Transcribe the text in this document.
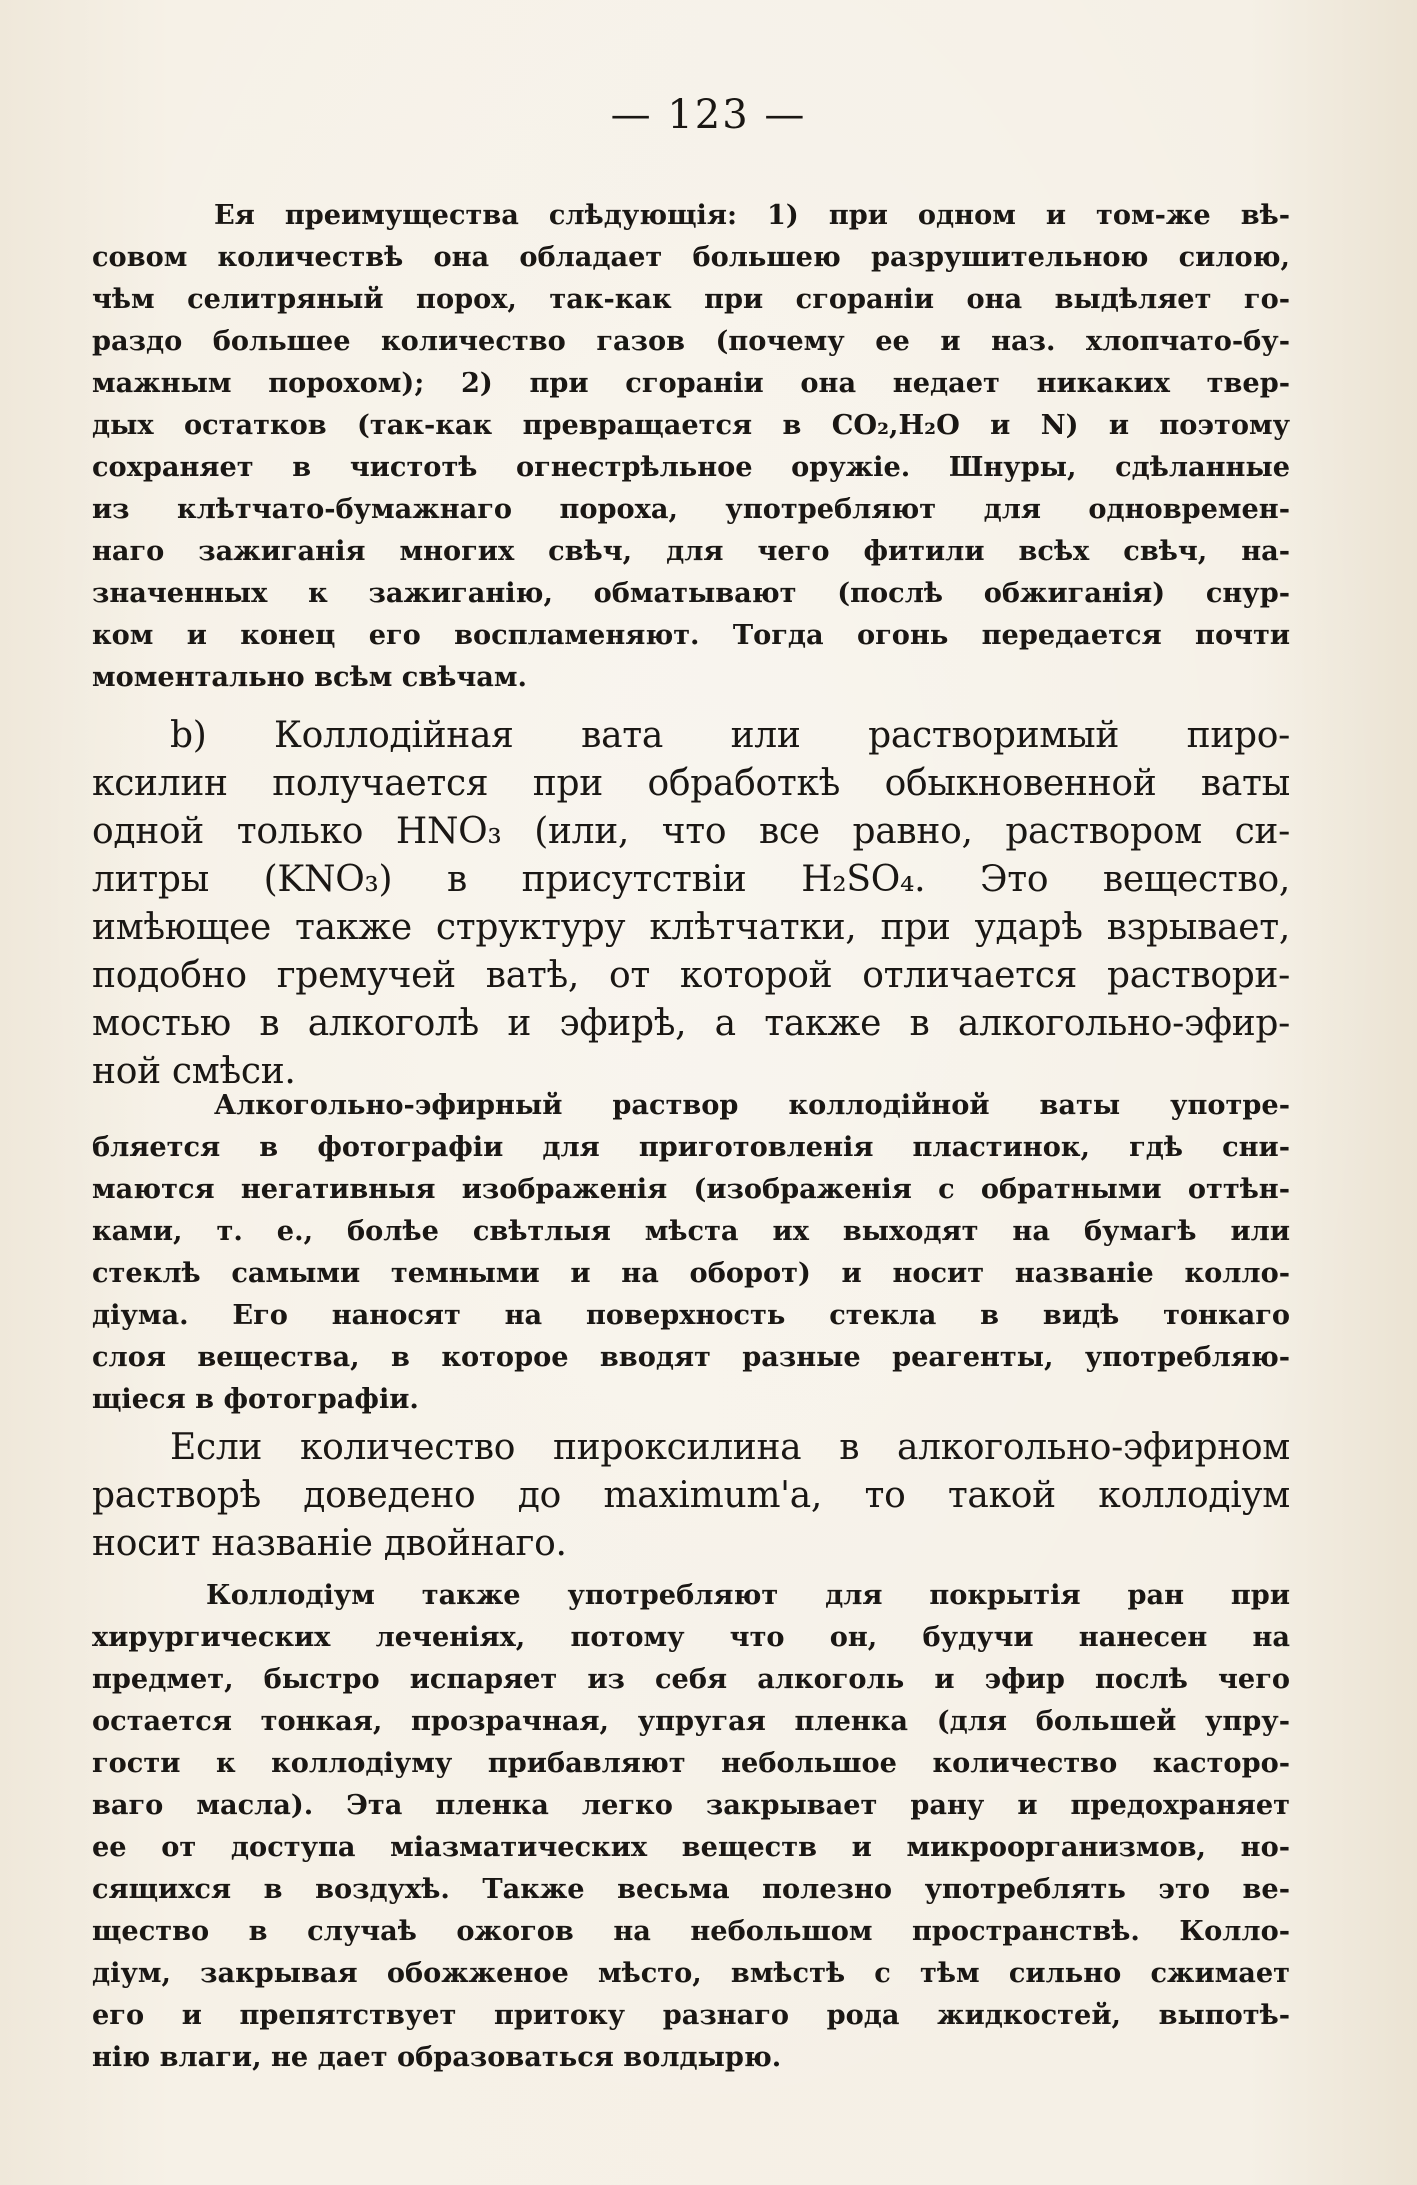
— 123 —
Ея преимущества слѣдующія: 1) при одном и том-же вѣ-
совом количествѣ она обладает большею разрушительною силою,
чѣм селитряный порох, так-как при сгораніи она выдѣляет го-
раздо большее количество газов (почему ее и наз. хлопчато-бу-
мажным порохом); 2) при сгораніи она недает никаких твер-
дых остатков (так-как превращается в CO₂,H₂O и N) и поэтому
сохраняет в чистотѣ огнестрѣльное оружіе. Шнуры, сдѣланные
из клѣтчато-бумажнаго пороха, употребляют для одновремен-
наго зажиганія многих свѣч, для чего фитили всѣх свѣч, на-
значенных к зажиганію, обматывают (послѣ обжиганія) снур-
ком и конец его воспламеняют. Тогда огонь передается почти
моментально всѣм свѣчам.
b) Коллодійная вата или растворимый пиро-
ксилин получается при обработкѣ обыкновенной ваты
одной только HNO₃ (или, что все равно, раствором си-
литры (KNO₃) в присутствіи H₂SO₄. Это вещество,
имѣющее также структуру клѣтчатки, при ударѣ взрывает,
подобно гремучей ватѣ, от которой отличается раствори-
мостью в алкоголѣ и эфирѣ, а также в алкогольно-эфир-
ной смѣси.
Алкогольно-эфирный раствор коллодійной ваты употре-
бляется в фотографіи для приготовленія пластинок, гдѣ сни-
маются негативныя изображенія (изображенія с обратными оттѣн-
ками, т. е., болѣе свѣтлыя мѣста их выходят на бумагѣ или
стеклѣ самыми темными и на оборот) и носит названіе колло-
діума. Его наносят на поверхность стекла в видѣ тонкаго
слоя вещества, в которое вводят разные реагенты, употребляю-
щіеся в фотографіи.
Если количество пироксилина в алкогольно-эфирном
растворѣ доведено до maximum'а, то такой коллодіум
носит названіе двойнаго.
Коллодіум также употребляют для покрытія ран при
хирургических леченіях, потому что он, будучи нанесен на
предмет, быстро испаряет из себя алкоголь и эфир послѣ чего
остается тонкая, прозрачная, упругая пленка (для большей упру-
гости к коллодіуму прибавляют небольшое количество касторо-
ваго масла). Эта пленка легко закрывает рану и предохраняет
ее от доступа міазматических веществ и микроорганизмов, но-
сящихся в воздухѣ. Также весьма полезно употреблять это ве-
щество в случаѣ ожогов на небольшом пространствѣ. Колло-
діум, закрывая обожженое мѣсто, вмѣстѣ с тѣм сильно сжимает
его и препятствует притоку разнаго рода жидкостей, выпотѣ-
нію влаги, не дает образоваться волдырю.
